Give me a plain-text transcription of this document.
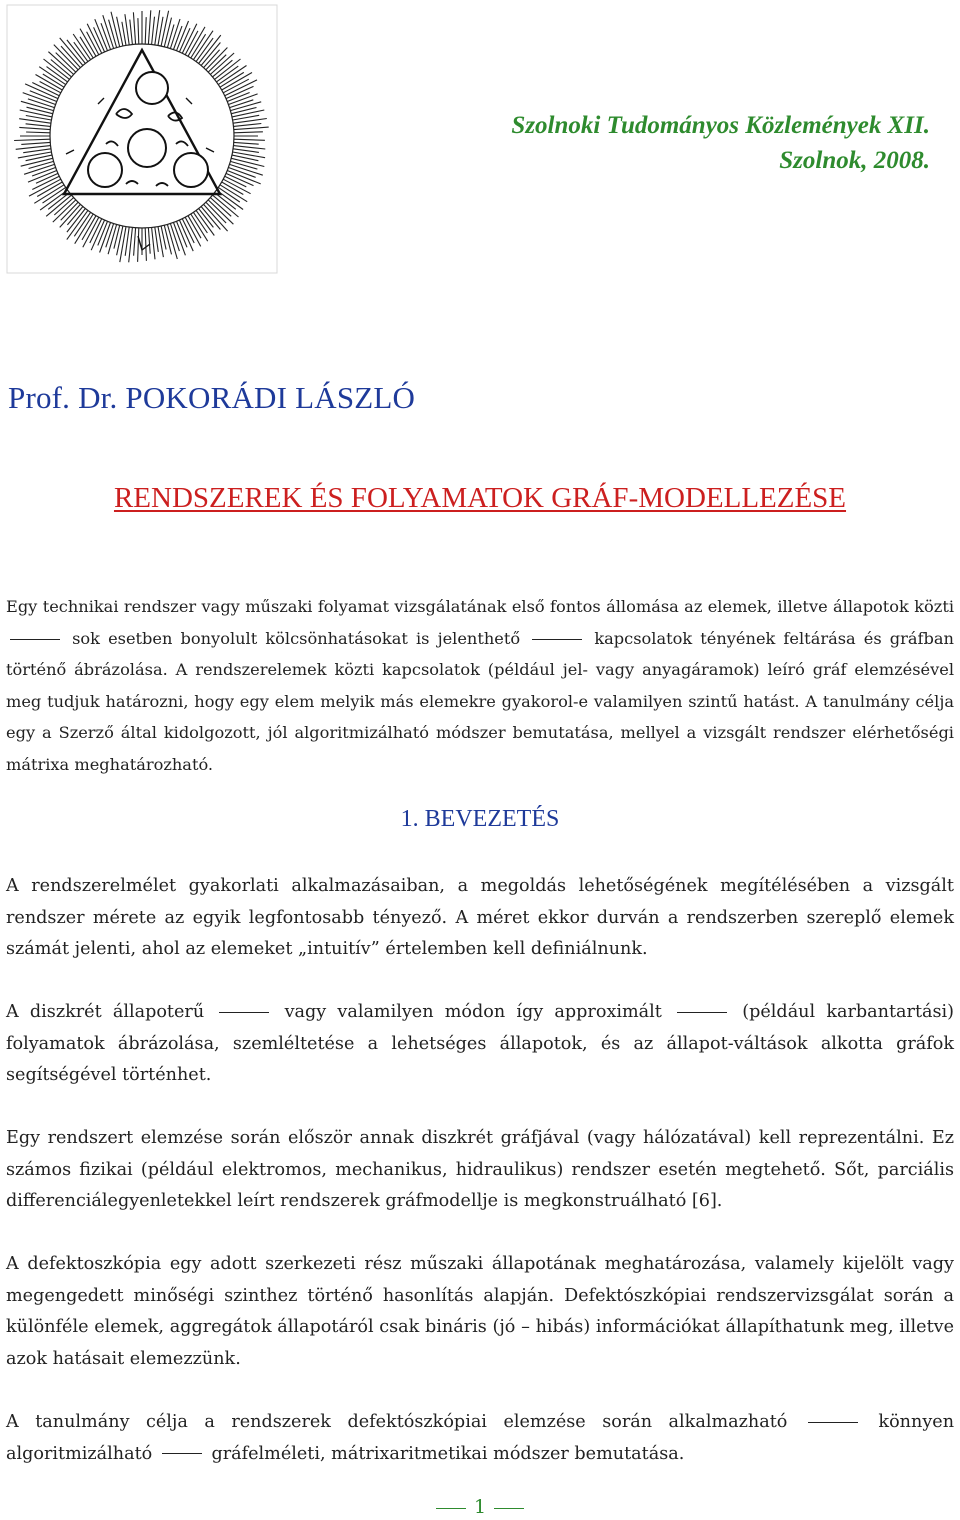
Szolnoki Tudományos Közlemények XII.
Szolnok, 2008.
Prof. Dr. POKORÁDI LÁSZLÓ
RENDSZEREK ÉS FOLYAMATOK GRÁF-MODELLEZÉSE
Egy technikai rendszer vagy műszaki folyamat vizsgálatának első fontos állomása az elemek, illetve állapotok közti  sok esetben bonyolult kölcsönhatásokat is jelenthető	kapcsolatok tényének feltárása és gráfban történő ábrázolása. A rendszerelemek közti kapcsolatok (például jel- vagy anyagáramok) leíró gráf elemzésével meg tudjuk határozni, hogy egy elem melyik más elemekre gyakorol-e valamilyen szintű hatást. A tanulmány célja egy a Szerző által kidolgozott, jól algoritmizálható módszer bemutatása, mellyel a vizsgált rendszer elérhetőségi mátrixa meghatározható.
1. BEVEZETÉS

A rendszerelmélet gyakorlati alkalmazásaiban, a megoldás lehetőségének megítélésében a vizsgált rendszer mérete az egyik legfontosabb tényező. A méret ekkor durván a rendszerben szereplő elemek számát jelenti, ahol az elemeket „intuitív” értelemben kell definiálnunk.

A diszkrét állapoterű	vagy valamilyen módon így approximált	(például karbantartási) folyamatok ábrázolása, szemléltetése a lehetséges állapotok, és az állapot-váltások alkotta gráfok segítségével történhet.

Egy rendszert elemzése során először annak diszkrét gráfjával (vagy hálózatával) kell reprezentálni. Ez számos fizikai (például elektromos, mechanikus, hidraulikus) rendszer esetén megtehető. Sőt, parciális differenciálegyenletekkel leírt rendszerek gráfmodellje is megkonstruálható [6].

A defektoszkópia egy adott szerkezeti rész műszaki állapotának meghatározása, valamely kijelölt vagy megengedett minőségi szinthez történő hasonlítás alapján. Defektószkópiai rendszervizsgálat során a különféle elemek, aggregátok állapotáról csak bináris (jó – hibás) információkat állapíthatunk meg, illetve azok hatásait elemezzünk.

A tanulmány célja a rendszerek defektószkópiai elemzése során alkalmazható	könnyen algoritmizálható	gráfelméleti, mátrixaritmetikai módszer bemutatása.

1
